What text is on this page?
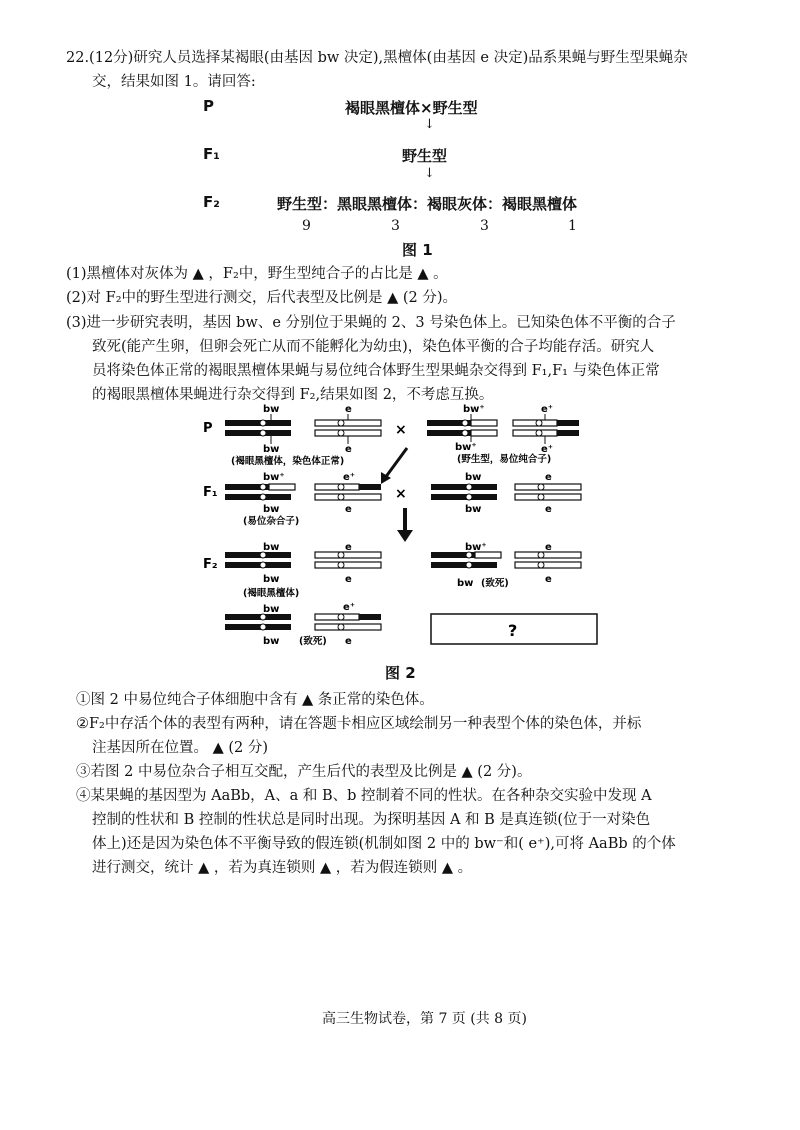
22.(12分)研究人员选择某褐眼(由基因 bw 决定),黑檀体(由基因 e 决定)品系果蝇与野生型果蝇杂
交，结果如图 1。请回答:
P	褐眼黑檀体×野生型
↓
F₁	野生型
↓
F₂	野生型：黑眼黑檀体：褐眼灰体：褐眼黑檀体
9	3	3	1
图 1
(1)黑檀体对灰体为 ▲ ，F₂中，野生型纯合子的占比是 ▲ 。
(2)对 F₂中的野生型进行测交，后代表型及比例是 ▲ (2 分)。
(3)进一步研究表明，基因 bw、e 分别位于果蝇的 2、3 号染色体上。已知染色体不平衡的合子
致死(能产生卵，但卵会死亡从而不能孵化为幼虫)，染色体平衡的合子均能存活。研究人
员将染色体正常的褐眼黑檀体果蝇与易位纯合体野生型果蝇杂交得到 F₁,F₁ 与染色体正常
的褐眼黑檀体果蝇进行杂交得到 F₂,结果如图 2，不考虑互换。
P
bw
bw
e
e
×
bw⁺
bw⁺
e⁺
e⁺
(褐眼黑檀体，染色体正常)	(野生型，易位纯合子)
F₁
bw⁺
bw
e⁺
e
×
bw
bw
e
e
(易位杂合子)
F₂
bw
bw
e
e
(褐眼黑檀体)
bw⁺
bw
e
e
(致死)
bw
bw
e⁺
e
(致死)
?
图 2
①图 2 中易位纯合子体细胞中含有 ▲ 条正常的染色体。
②F₂中存活个体的表型有两种，请在答题卡相应区域绘制另一种表型个体的染色体，并标
注基因所在位置。 ▲ (2 分)
③若图 2 中易位杂合子相互交配，产生后代的表型及比例是 ▲ (2 分)。
④某果蝇的基因型为 AaBb，A、a 和 B、b 控制着不同的性状。在各种杂交实验中发现 A
控制的性状和 B 控制的性状总是同时出现。为探明基因 A 和 B 是真连锁(位于一对染色
体上)还是因为染色体不平衡导致的假连锁(机制如图 2 中的 bw⁻和( e⁺),可将 AaBb 的个体
进行测交，统计 ▲ ，若为真连锁则 ▲ ，若为假连锁则 ▲ 。
高三生物试卷，第 7 页 (共 8 页)
